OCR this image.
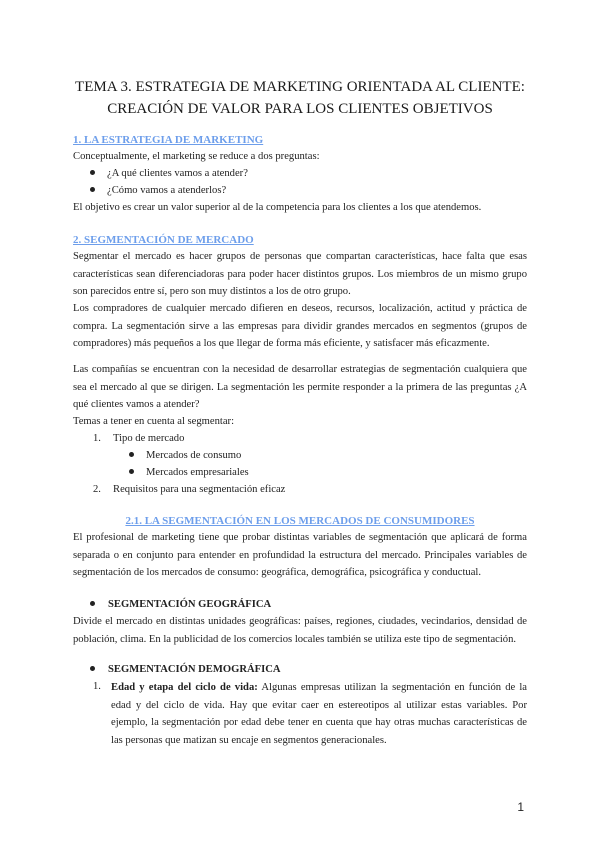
TEMA 3. ESTRATEGIA DE MARKETING ORIENTADA AL CLIENTE:
CREACIÓN DE VALOR PARA LOS CLIENTES OBJETIVOS
1. LA ESTRATEGIA DE MARKETING
Conceptualmente, el marketing se reduce a dos preguntas:
¿A qué clientes vamos a atender?
¿Cómo vamos a atenderlos?
El objetivo es crear un valor superior al de la competencia para los clientes a los que atendemos.
2. SEGMENTACIÓN DE MERCADO

Segmentar el mercado es hacer grupos de personas que compartan características, hace falta que esas características sean diferenciadoras para poder hacer distintos grupos. Los miembros de un mismo grupo son parecidos entre sí, pero son muy distintos a los de otro grupo.

Los compradores de cualquier mercado difieren en deseos, recursos, localización, actitud y práctica de compra. La segmentación sirve a las empresas para dividir grandes mercados en segmentos (grupos de compradores) más pequeños a los que llegar de forma más eficiente, y satisfacer más eficazmente.

Las compañías se encuentran con la necesidad de desarrollar estrategias de segmentación cualquiera que sea el mercado al que se dirigen. La segmentación les permite responder a la primera de las preguntas ¿A qué clientes vamos a atender?

Temas a tener en cuenta al segmentar:
1. Tipo de mercado
Mercados de consumo
Mercados empresariales
2. Requisitos para una segmentación eficaz
2.1. LA SEGMENTACIÓN EN LOS MERCADOS DE CONSUMIDORES

El profesional de marketing tiene que probar distintas variables de segmentación que aplicará de forma separada o en conjunto para entender en profundidad la estructura del mercado. Principales variables de segmentación de los mercados de consumo: geográfica, demográfica, psicográfica y conductual.

SEGMENTACIÓN GEOGRÁFICA

Divide el mercado en distintas unidades geográficas: países, regiones, ciudades, vecindarios, densidad de población, clima. En la publicidad de los comercios locales también se utiliza este tipo de segmentación.

SEGMENTACIÓN DEMOGRÁFICA
1. Edad y etapa del ciclo de vida: Algunas empresas utilizan la segmentación en función de la edad y del ciclo de vida. Hay que evitar caer en estereotipos al utilizar estas variables. Por ejemplo, la segmentación por edad debe tener en cuenta que hay otras muchas características de las personas que matizan su encaje en segmentos generacionales.

1
